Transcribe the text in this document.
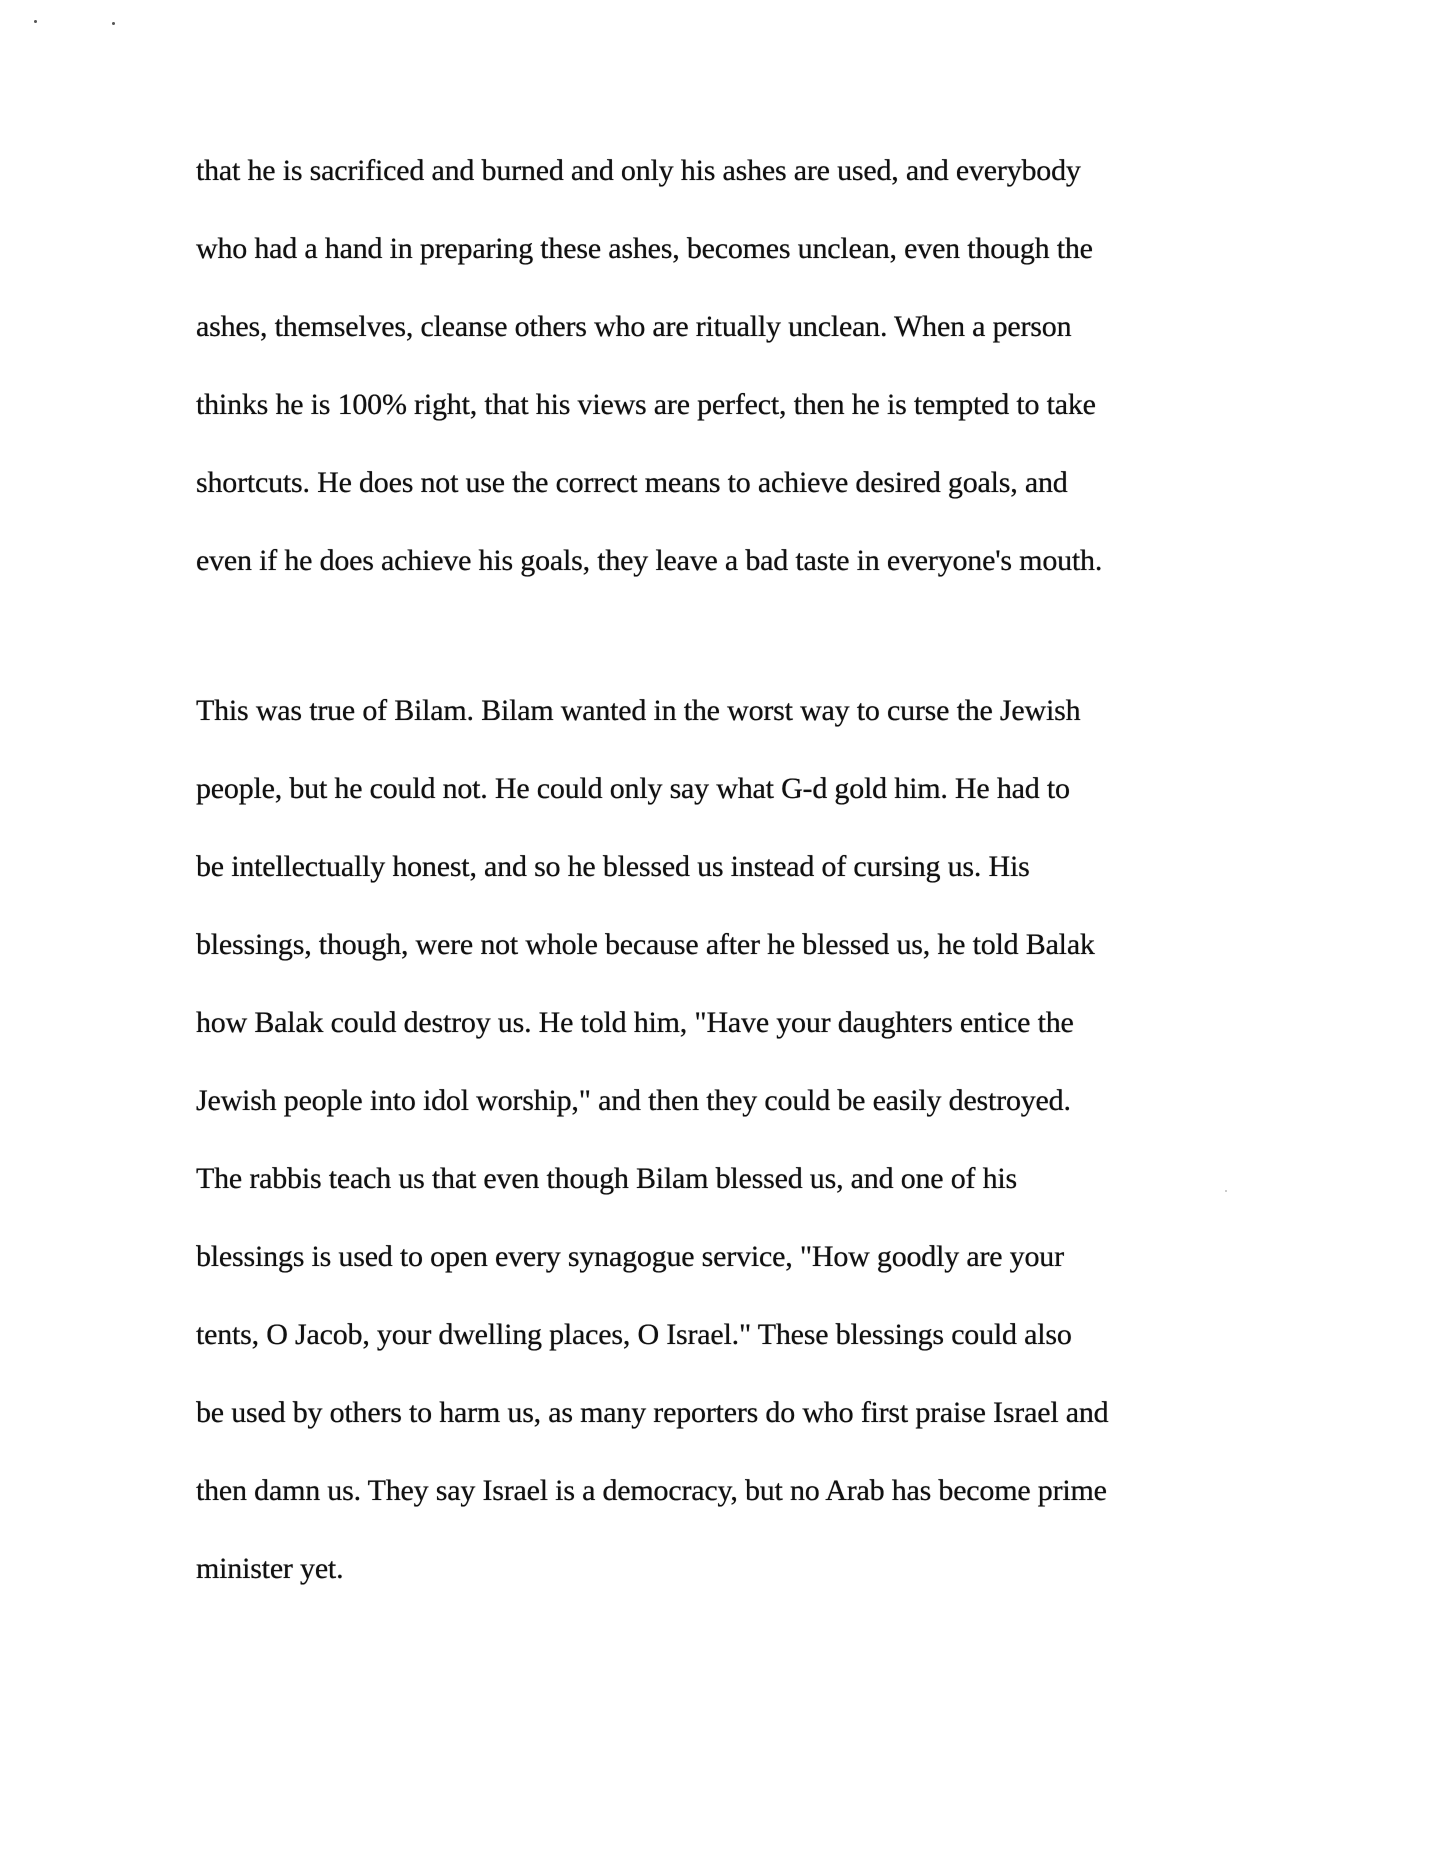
that he is sacrificed and burned and only his ashes are used, and everybody
who had a hand in preparing these ashes, becomes unclean, even though the
ashes, themselves, cleanse others who are ritually unclean. When a person
thinks he is 100% right, that his views are perfect, then he is tempted to take
shortcuts. He does not use the correct means to achieve desired goals, and
even if he does achieve his goals, they leave a bad taste in everyone's mouth.
This was true of Bilam. Bilam wanted in the worst way to curse the Jewish
people, but he could not. He could only say what G-d gold him. He had to
be intellectually honest, and so he blessed us instead of cursing us. His
blessings, though, were not whole because after he blessed us, he told Balak
how Balak could destroy us. He told him, "Have your daughters entice the
Jewish people into idol worship," and then they could be easily destroyed.
The rabbis teach us that even though Bilam blessed us, and one of his
blessings is used to open every synagogue service, "How goodly are your
tents, O Jacob, your dwelling places, O Israel." These blessings could also
be used by others to harm us, as many reporters do who first praise Israel and
then damn us. They say Israel is a democracy, but no Arab has become prime
minister yet.
